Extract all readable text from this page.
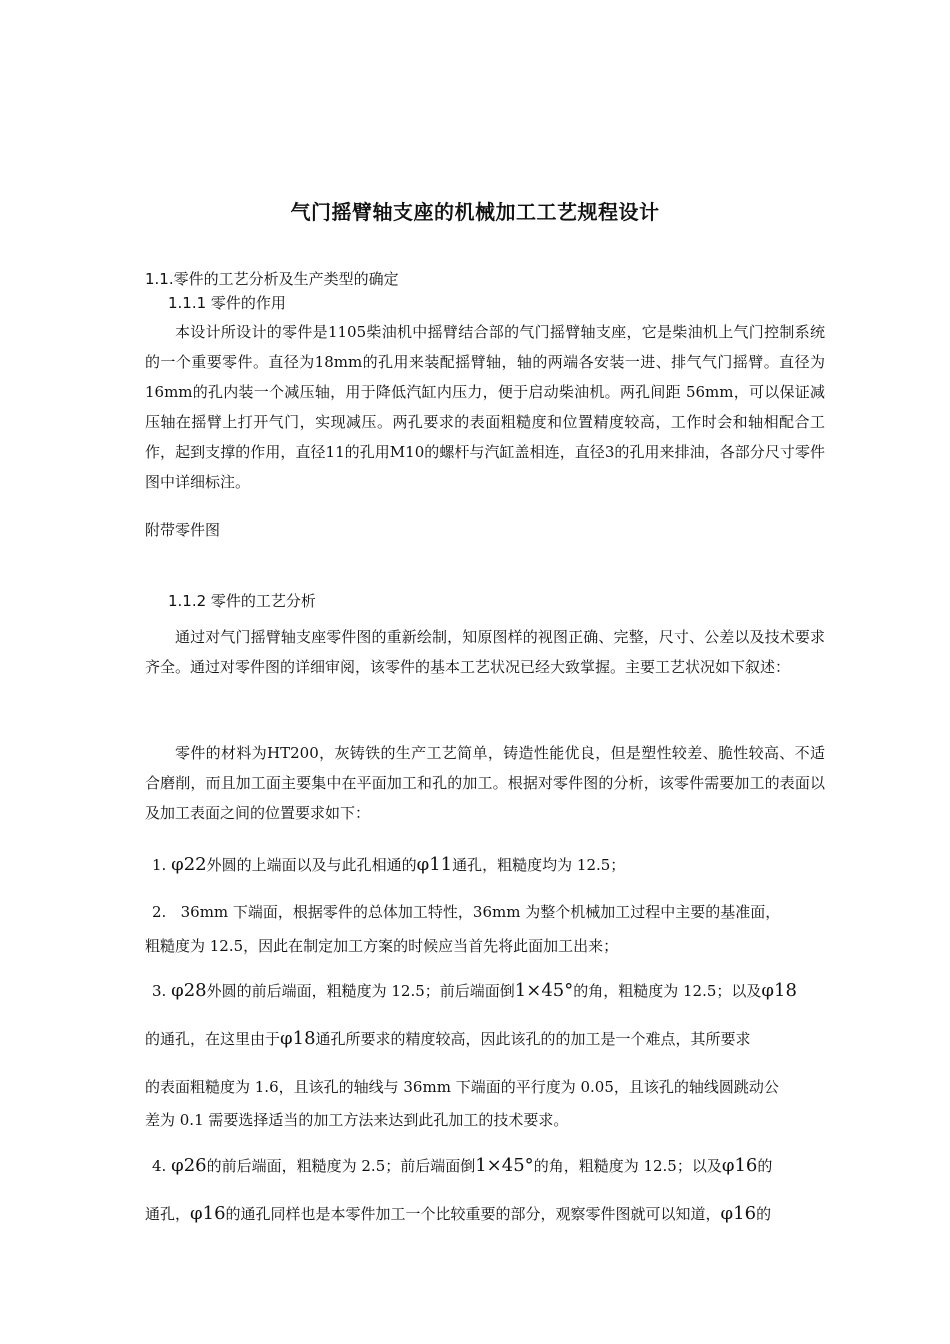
气门摇臂轴支座的机械加工工艺规程设计
1.1.零件的工艺分析及生产类型的确定
1.1.1 零件的作用
本设计所设计的零件是1105柴油机中摇臂结合部的气门摇臂轴支座，它是柴油机上气门控制系统的一个重要零件。直径为18mm的孔用来装配摇臂轴，轴的两端各安装一进、排气气门摇臂。直径为16mm的孔内装一个减压轴，用于降低汽缸内压力，便于启动柴油机。两孔间距 56mm，可以保证减压轴在摇臂上打开气门，实现减压。两孔要求的表面粗糙度和位置精度较高，工作时会和轴相配合工作，起到支撑的作用，直径11的孔用M10的螺杆与汽缸盖相连，直径3的孔用来排油，各部分尺寸零件图中详细标注。
附带零件图
1.1.2 零件的工艺分析
通过对气门摇臂轴支座零件图的重新绘制，知原图样的视图正确、完整，尺寸、公差以及技术要求齐全。通过对零件图的详细审阅，该零件的基本工艺状况已经大致掌握。主要工艺状况如下叙述：
零件的材料为HT200，灰铸铁的生产工艺简单，铸造性能优良，但是塑性较差、脆性较高、不适合磨削，而且加工面主要集中在平面加工和孔的加工。根据对零件图的分析，该零件需要加工的表面以及加工表面之间的位置要求如下：
1. φ22外圆的上端面以及与此孔相通的φ11通孔，粗糙度均为 12.5；
2. 36mm 下端面，根据零件的总体加工特性，36mm 为整个机械加工过程中主要的基准面，
粗糙度为 12.5，因此在制定加工方案的时候应当首先将此面加工出来；
3. φ28外圆的前后端面，粗糙度为 12.5；前后端面倒1×45°的角，粗糙度为 12.5；以及φ18
的通孔，在这里由于φ18通孔所要求的精度较高，因此该孔的的加工是一个难点，其所要求
的表面粗糙度为 1.6，且该孔的轴线与 36mm 下端面的平行度为 0.05，且该孔的轴线圆跳动公
差为 0.1 需要选择适当的加工方法来达到此孔加工的技术要求。
4. φ26的前后端面，粗糙度为 2.5；前后端面倒1×45°的角，粗糙度为 12.5；以及φ16的
通孔，φ16的通孔同样也是本零件加工一个比较重要的部分，观察零件图就可以知道，φ16的
